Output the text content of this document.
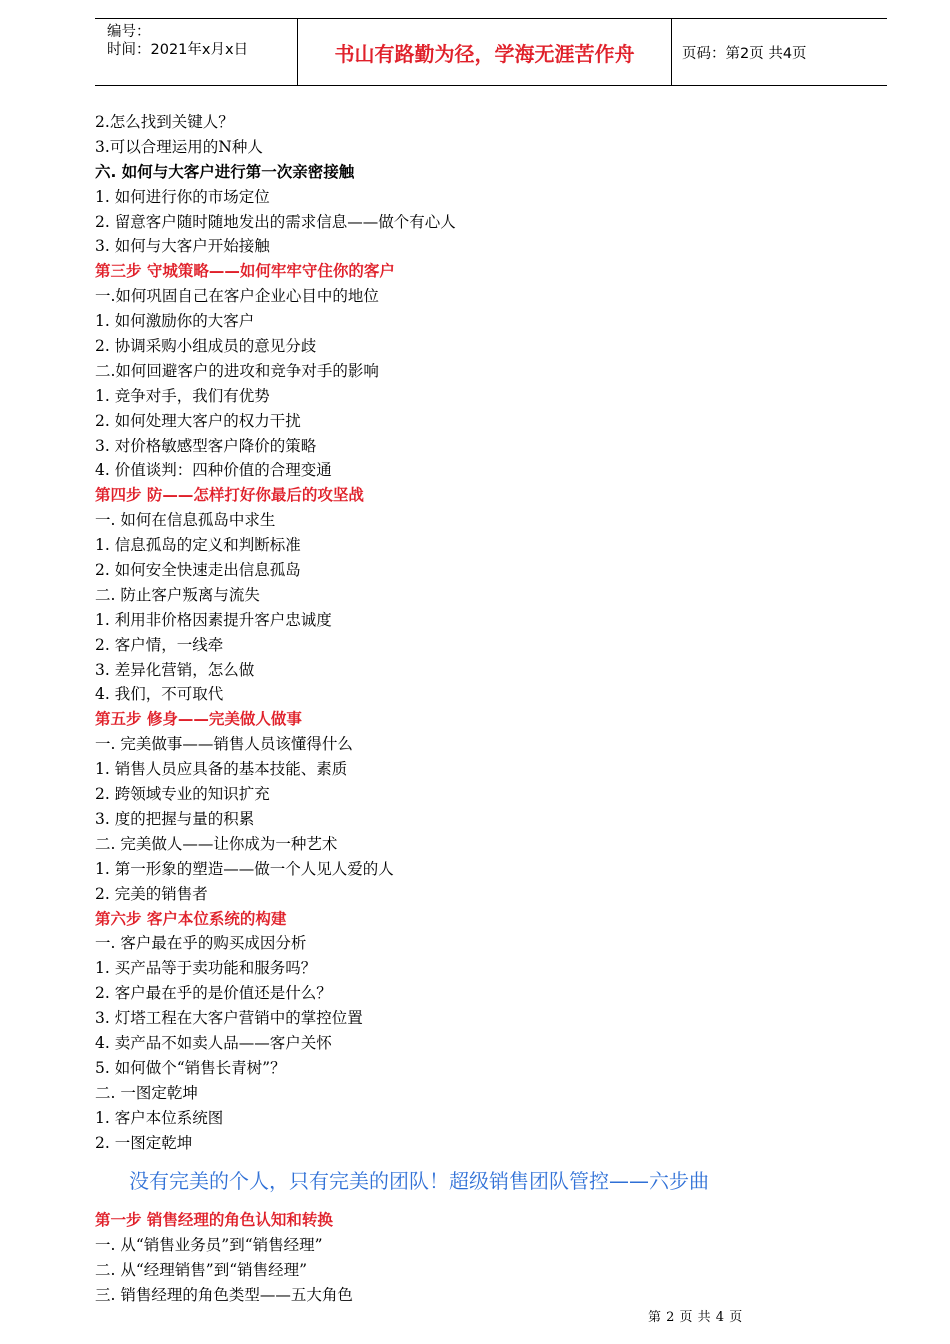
编号：
时间：2021年x月x日	书山有路勤为径，学海无涯苦作舟	页码：第2页 共4页
2.怎么找到关键人？
3.可以合理运用的N种人
六. 如何与大客户进行第一次亲密接触
1. 如何进行你的市场定位
2. 留意客户随时随地发出的需求信息——做个有心人
3. 如何与大客户开始接触
第三步 守城策略——如何牢牢守住你的客户
一.如何巩固自己在客户企业心目中的地位
1. 如何激励你的大客户
2. 协调采购小组成员的意见分歧
二.如何回避客户的进攻和竞争对手的影响
1. 竞争对手，我们有优势
2. 如何处理大客户的权力干扰
3. 对价格敏感型客户降价的策略
4. 价值谈判：四种价值的合理变通
第四步 防——怎样打好你最后的攻坚战
一. 如何在信息孤岛中求生
1. 信息孤岛的定义和判断标准
2. 如何安全快速走出信息孤岛
二. 防止客户叛离与流失
1. 利用非价格因素提升客户忠诚度
2. 客户情，一线牵
3. 差异化营销，怎么做
4. 我们，不可取代
第五步 修身——完美做人做事
一. 完美做事——销售人员该懂得什么
1. 销售人员应具备的基本技能、素质
2. 跨领域专业的知识扩充
3. 度的把握与量的积累
二. 完美做人——让你成为一种艺术
1. 第一形象的塑造——做一个人见人爱的人
2. 完美的销售者
第六步 客户本位系统的构建
一. 客户最在乎的购买成因分析
1. 买产品等于卖功能和服务吗？
2. 客户最在乎的是价值还是什么？
3. 灯塔工程在大客户营销中的掌控位置
4. 卖产品不如卖人品——客户关怀
5. 如何做个“销售长青树”？
二. 一图定乾坤
1. 客户本位系统图
2. 一图定乾坤
没有完美的个人，只有完美的团队！超级销售团队管控——六步曲
第一步 销售经理的角色认知和转换
一. 从“销售业务员”到“销售经理”
二. 从“经理销售”到“销售经理”
三. 销售经理的角色类型——五大角色
第 2 页 共 4 页
